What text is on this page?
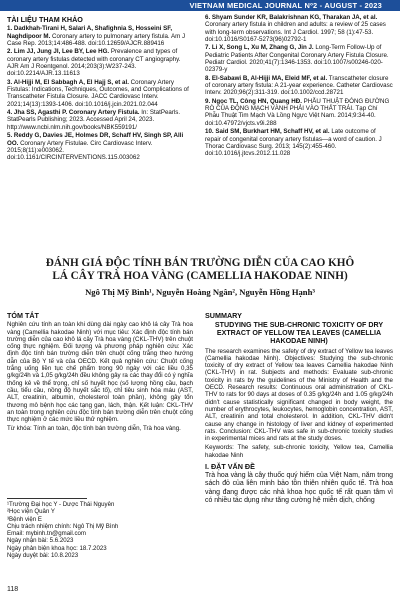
VIETNAM MEDICAL JOURNAL Nº2 - AUGUST - 2023
TÀI LIỆU THAM KHẢO
1. Dadkhah-Tirani H, Salari A, Shafighnia S, Hosseini SF, Naghdipoor M. Coronary artery to pulmonary artery fistula. Am J Case Rep. 2013;14:486-488. doi:10.12659/AJCR.889416
2. Lim JJ, Jung JI, Lee BY, Lee HG. Prevalence and types of coronary artery fistulas detected with coronary CT angiography. AJR Am J Roentgenol. 2014;203(3):W237-243. doi:10.2214/AJR.13.11613
3. Al-Hijji M, El Sabbagh A, El Hajj S, et al. Coronary Artery Fistulas: Indications, Techniques, Outcomes, and Complications of Transcatheter Fistula Closure. JACC Cardiovasc Interv. 2021;14(13):1393-1406. doi:10.1016/j.jcin.2021.02.044
4. Jha SS, Agasthi P. Coronary Artery Fistula. In: StatPearls. StatPearls Publishing; 2023. Accessed April 24, 2023. http://www.ncbi.nlm.nih.gov/books/NBK559191/
5. Reddy G, Davies JE, Holmes DR, Schaff HV, Singh SP, Alli OO. Coronary Artery Fistulae. Circ Cardiovasc Interv. 2015;8(11):e003062. doi:10.1161/CIRCINTERVENTIONS.115.003062
6. Shyam Sunder KR, Balakrishnan KG, Tharakan JA, et al. Coronary artery fistula in children and adults: a review of 25 cases with long-term observations. Int J Cardiol. 1997; 58 (1):47-53. doi:10.1016/S0167-5273(96)02792-1
7. Li X, Song L, Xu M, Zhang G, Jin J. Long-Term Follow-Up of Pediatric Patients After Congenital Coronary Artery Fistula Closure. Pediatr Cardiol. 2020;41(7):1346-1353. doi:10.1007/s00246-020-02379-y
8. El-Sabawi B, Al-Hijji MA, Eleid MF, et al. Transcatheter closure of coronary artery fistula: A 21-year experience. Catheter Cardiovasc Interv. 2020;96(2):311-319. doi:10.1002/ccd.28721
9. Ngọc TL, Công HN, Quang HĐ. PHẪU THUẬT ĐÓNG ĐƯỜNG RÒ CỦA ĐỘNG MẠCH VÀNH PHẢI VÀO THẤT TRÁI. Tạp Chí Phẫu Thuật Tim Mạch Và Lồng Ngực Việt Nam. 2014;9:34-40. doi:10.47972/vjcts.v9i.288
10. Said SM, Burkhart HM, Schaff HV, et al. Late outcome of repair of congenital coronary artery fistulas—a word of caution. J Thorac Cardiovasc Surg. 2013; 145(2):455-460. doi:10.1016/j.jtcvs.2012.11.028
ĐÁNH GIÁ ĐỘC TÍNH BÁN TRƯỜNG DIỄN CỦA CAO KHÔ
LÁ CÂY TRÀ HOA VÀNG (CAMELLIA HAKODAE NINH)
Ngô Thị Mỹ Bình¹, Nguyễn Hoàng Ngân², Nguyễn Hồng Hạnh³
TÓM TẮT
Nghiên cứu tính an toàn khi dùng dài ngày cao khô lá cây Trà hoa vàng (Camellia hakodae Ninh) với mục tiêu: Xác định độc tính bán trường diễn của cao khô lá cây Trà hoa vàng (CKL-THV) trên chuột cống thực nghiệm. Đối tượng và phương pháp nghiên cứu: Xác định độc tính bán trường diễn trên chuột cống trắng theo hướng dẫn của Bộ Y tế và của OECD. Kết quả nghiên cứu: Chuột cống trắng uống liền tục chế phẩm trong 90 ngày với các liều 0,35 g/kg/24h và 1,05 g/kg/24h đều không gây ra các thay đổi có ý nghĩa thống kê về thể trọng, chỉ số huyết học (số lượng hồng cầu, bạch cầu, tiểu cầu, nồng độ huyết sắc tố), chỉ tiêu sinh hóa máu (AST, ALT, creatinin, albumin, cholesterol toàn phần), không gây tổn thương mô bệnh học các tạng gan, lách, thận. Kết luận: CKL-THV an toàn trong nghiên cứu độc tính bán trường diễn trên chuột cống thực nghiệm ở các mức liều thử nghiệm.
Từ khóa: Tính an toàn, độc tính bán trường diễn, Trà hoa vàng.
¹Trường Đại học Y - Dược Thái Nguyên
²Học viện Quân Y
³Bệnh viện E
Chịu trách nhiệm chính: Ngô Thị Mỹ Bình
Email: mybinh.tn@gmail.com
Ngày nhận bài: 5.6.2023
Ngày phản biện khoa học: 18.7.2023
Ngày duyệt bài: 10.8.2023
SUMMARY
STUDYING THE SUB-CHRONIC TOXICITY OF DRY EXTRACT OF YELLOW TEA LEAVES (CAMELLIA HAKODAE NINH)
The research examines the safety of dry extract of Yellow tea leaves (Camellia hakodae Ninh). Objectives: Studying the sub-chronic toxicity of dry extract of Yellow tea leaves Camellia hakodae Ninh (CKL-THV) in rat. Subjects and methods: Evaluate sub-chronic toxicity in rats by the guidelines of the Ministry of Health and the OECD. Research results: Continuous oral administration of CKL-THV to rats for 90 days at doses of 0.35 g/kg/24h and 1.05 g/kg/24h didn't cause statistically significant changed in body weight, the number of erythrocytes, leukocytes, hemoglobin concentration, AST, ALT, creatinin and total cholesterol. In addition, CKL-THV didn't cause any change in histology of liver and kidney of experimented rats. Conclusion: CKL-THV was safe in sub-chronic toxicity studies in experimental mices and rats at the study doses.
Keywords: The safety, sub-chronic toxicity, Yellow tea, Camellia hakodae Ninh
I. ĐẶT VẤN ĐỀ
Trà hoa vàng là cây thuốc quý hiếm của Việt Nam, năm trong sách đỏ của liên minh bảo tồn thiên nhiên quốc tế. Trà hoa vàng đang được các nhà khoa học quốc tế rất quan tâm vì có nhiều tác dụng như tăng cường hệ miễn dịch, chống
118
